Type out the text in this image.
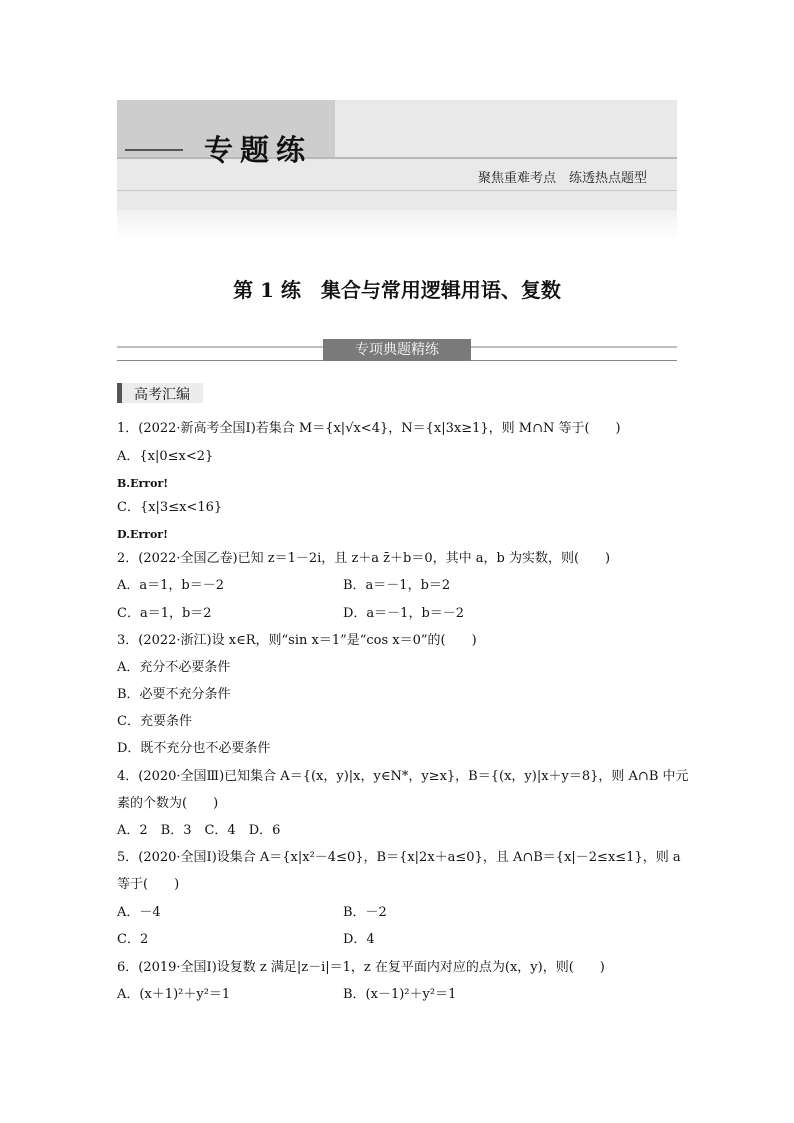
专题练
聚焦重难考点　练透热点题型
第 1 练　集合与常用逻辑用语、复数
专项典题精练
高考汇编
1．(2022·新高考全国Ⅰ)若集合 M＝{x|√x<4}，N＝{x|3x≥1}，则 M∩N 等于(　　)
A．{x|0≤x<2}
B.Error!
C．{x|3≤x<16}
D.Error!
2．(2022·全国乙卷)已知 z＝1－2i，且 z＋a z̄＋b＝0，其中 a，b 为实数，则(　　)
A．a＝1，b＝－2	B．a＝－1，b＝2
C．a＝1，b＝2	D．a＝－1，b＝－2
3．(2022·浙江)设 x∈R，则“sin x＝1”是“cos x＝0”的(　　)
A．充分不必要条件
B．必要不充分条件
C．充要条件
D．既不充分也不必要条件
4．(2020·全国Ⅲ)已知集合 A＝{(x，y)|x，y∈N*，y≥x}，B＝{(x，y)|x＋y＝8}，则 A∩B 中元
素的个数为(　　)
A．2　B．3　C．4　D．6
5．(2020·全国Ⅰ)设集合 A＝{x|x²－4≤0}，B＝{x|2x＋a≤0}，且 A∩B＝{x|－2≤x≤1}，则 a
等于(　　)
A．－4	B．－2
C．2	D．4
6．(2019·全国Ⅰ)设复数 z 满足|z－i|＝1，z 在复平面内对应的点为(x，y)，则(　　)
A．(x＋1)²＋y²＝1	B．(x－1)²＋y²＝1
